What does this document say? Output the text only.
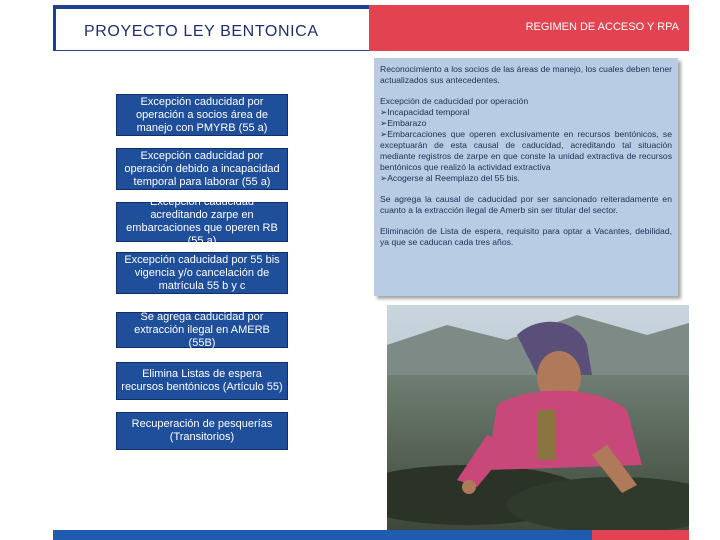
PROYECTO LEY BENTONICA	REGIMEN DE ACCESO Y RPA
Excepción caducidad por operación a socios área de manejo con PMYRB (55 a)
Excepción caducidad por operación debido a incapacidad temporal para laborar (55 a)
Excepción caducidad acreditando zarpe en embarcaciones que operen RB (55 a)
Excepción caducidad por 55 bis vigencia y/o cancelación de matrícula 55 b y c
Se agrega caducidad por extracción ilegal en AMERB (55B)
Elimina Listas de espera recursos bentónicos (Artículo 55)
Recuperación de pesquerías (Transitorios)

Reconocimiento a los socios de las áreas de manejo, los cuales deben tener actualizados sus antecedentes.

Excepción de caducidad por operación

➢Incapacidad temporal

➢Embarazo

➢Embarcaciones que operen exclusivamente en recursos bentónicos, se exceptuarán de esta causal de caducidad, acreditando tal situación mediante registros de zarpe en que conste la unidad extractiva de recursos bentónicos que realizó la actividad extractiva

➢Acogerse al Reemplazo del 55 bis.

Se agrega la causal de caducidad por ser sancionado reiteradamente en cuanto a la extracción ilegal de Amerb sin ser titular del sector.

Eliminación de Lista de espera, requisito para optar a Vacantes, debilidad, ya que se caducan cada tres años.
